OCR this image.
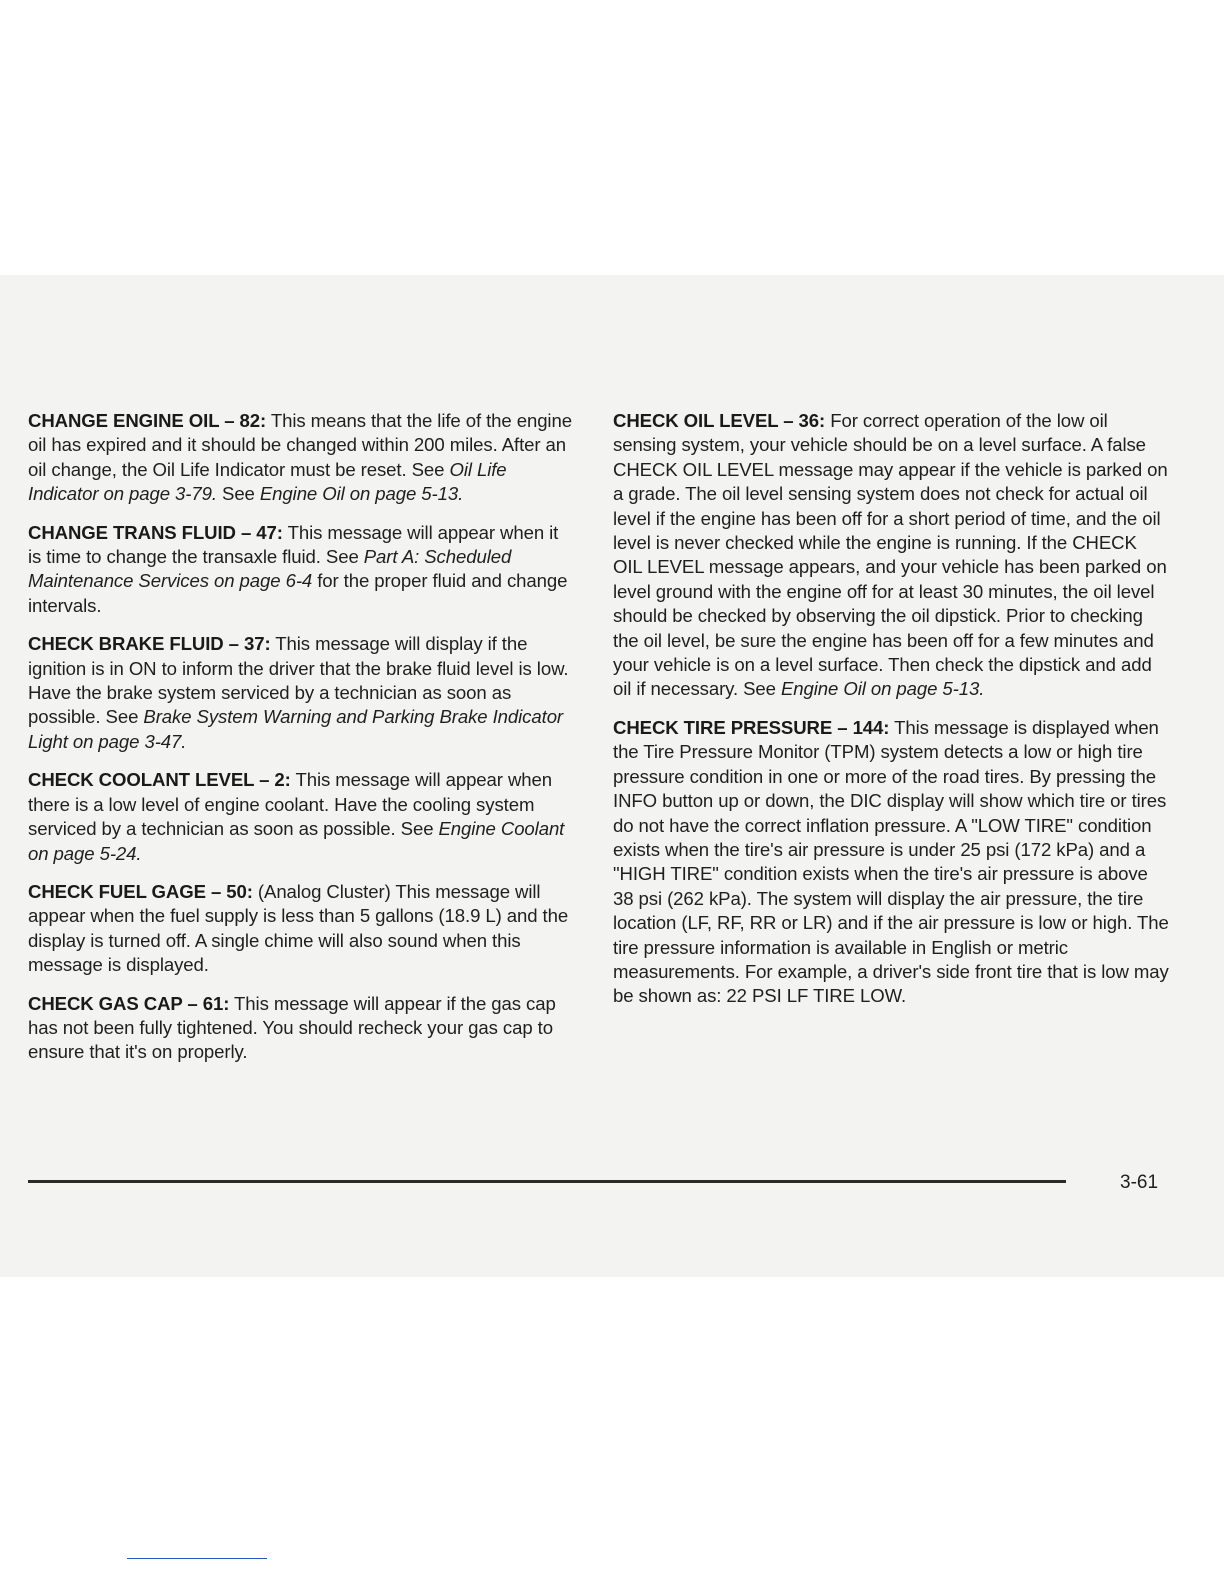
CHANGE ENGINE OIL – 82: This means that the life of the engine oil has expired and it should be changed within 200 miles. After an oil change, the Oil Life Indicator must be reset. See Oil Life Indicator on page 3-79. See Engine Oil on page 5-13.

CHANGE TRANS FLUID – 47: This message will appear when it is time to change the transaxle fluid. See Part A: Scheduled Maintenance Services on page 6-4 for the proper fluid and change intervals.

CHECK BRAKE FLUID – 37: This message will display if the ignition is in ON to inform the driver that the brake fluid level is low. Have the brake system serviced by a technician as soon as possible. See Brake System Warning and Parking Brake Indicator Light on page 3-47.

CHECK COOLANT LEVEL – 2: This message will appear when there is a low level of engine coolant. Have the cooling system serviced by a technician as soon as possible. See Engine Coolant on page 5-24.

CHECK FUEL GAGE – 50: (Analog Cluster) This message will appear when the fuel supply is less than 5 gallons (18.9 L) and the display is turned off. A single chime will also sound when this message is displayed.

CHECK GAS CAP – 61: This message will appear if the gas cap has not been fully tightened. You should recheck your gas cap to ensure that it's on properly.

CHECK OIL LEVEL – 36: For correct operation of the low oil sensing system, your vehicle should be on a level surface. A false CHECK OIL LEVEL message may appear if the vehicle is parked on a grade. The oil level sensing system does not check for actual oil level if the engine has been off for a short period of time, and the oil level is never checked while the engine is running. If the CHECK OIL LEVEL message appears, and your vehicle has been parked on level ground with the engine off for at least 30 minutes, the oil level should be checked by observing the oil dipstick. Prior to checking the oil level, be sure the engine has been off for a few minutes and your vehicle is on a level surface. Then check the dipstick and add oil if necessary. See Engine Oil on page 5-13.

CHECK TIRE PRESSURE – 144: This message is displayed when the Tire Pressure Monitor (TPM) system detects a low or high tire pressure condition in one or more of the road tires. By pressing the INFO button up or down, the DIC display will show which tire or tires do not have the correct inflation pressure. A "LOW TIRE" condition exists when the tire's air pressure is under 25 psi (172 kPa) and a "HIGH TIRE" condition exists when the tire's air pressure is above 38 psi (262 kPa). The system will display the air pressure, the tire location (LF, RF, RR or LR) and if the air pressure is low or high. The tire pressure information is available in English or metric measurements. For example, a driver's side front tire that is low may be shown as: 22 PSI LF TIRE LOW.

3-61
